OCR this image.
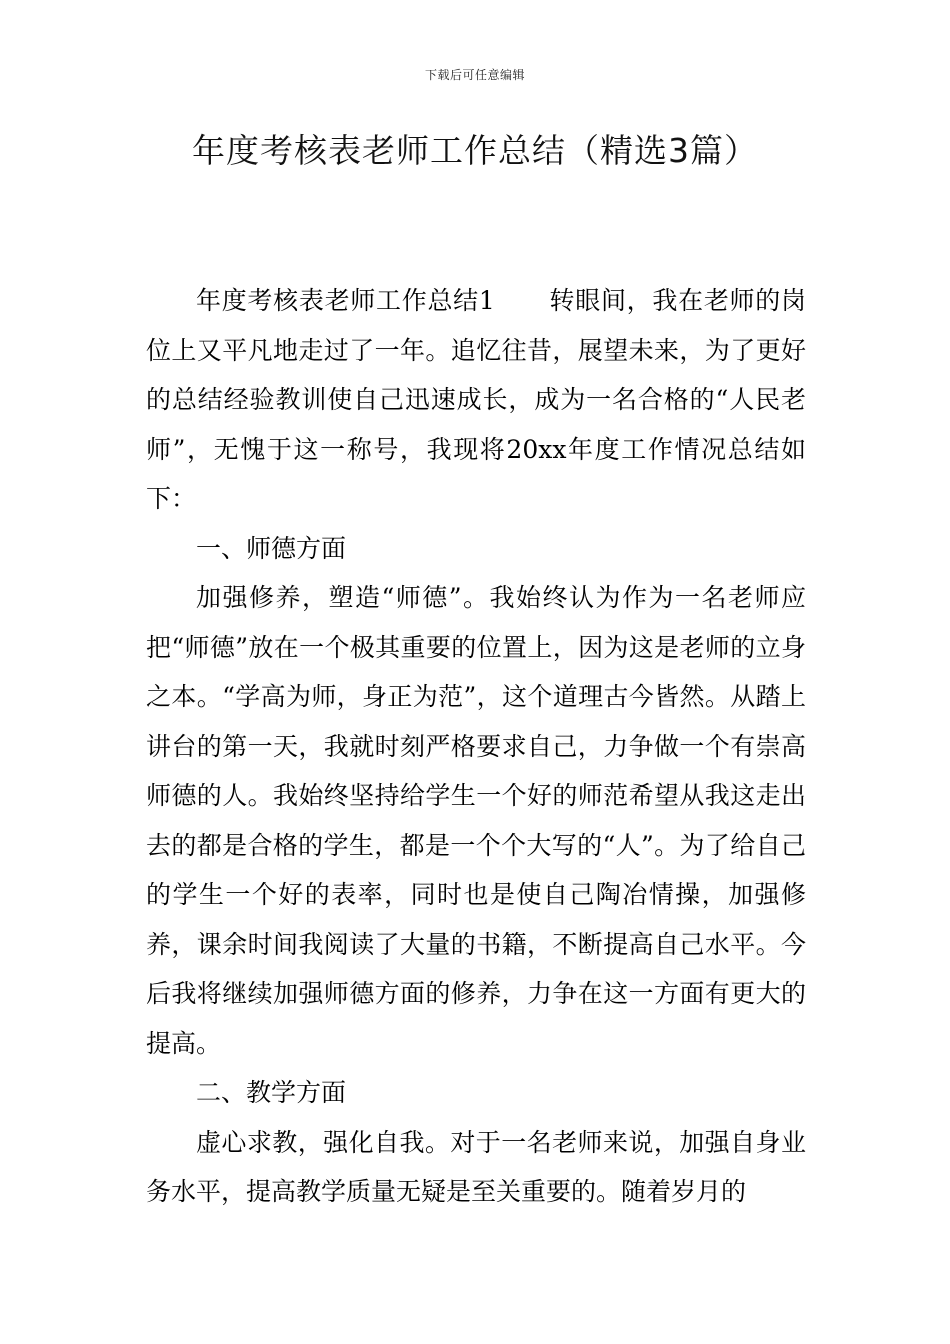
下载后可任意编辑
年度考核表老师工作总结（精选3篇）

年度考核表老师工作总结1 转眼间，我在老师的岗位上又平凡地走过了一年。追忆往昔，展望未来，为了更好的总结经验教训使自己迅速成长，成为一名合格的“人民老师”，无愧于这一称号，我现将20xx年度工作情况总结如下：

一、师德方面

加强修养，塑造“师德”。我始终认为作为一名老师应把“师德”放在一个极其重要的位置上，因为这是老师的立身之本。“学高为师，身正为范”，这个道理古今皆然。从踏上讲台的第一天，我就时刻严格要求自己，力争做一个有崇高师德的人。我始终坚持给学生一个好的师范希望从我这走出去的都是合格的学生，都是一个个大写的“人”。为了给自己的学生一个好的表率，同时也是使自己陶冶情操，加强修养，课余时间我阅读了大量的书籍，不断提高自己水平。今后我将继续加强师德方面的修养，力争在这一方面有更大的提高。

二、教学方面

虚心求教，强化自我。对于一名老师来说，加强自身业务水平，提高教学质量无疑是至关重要的。随着岁月的
